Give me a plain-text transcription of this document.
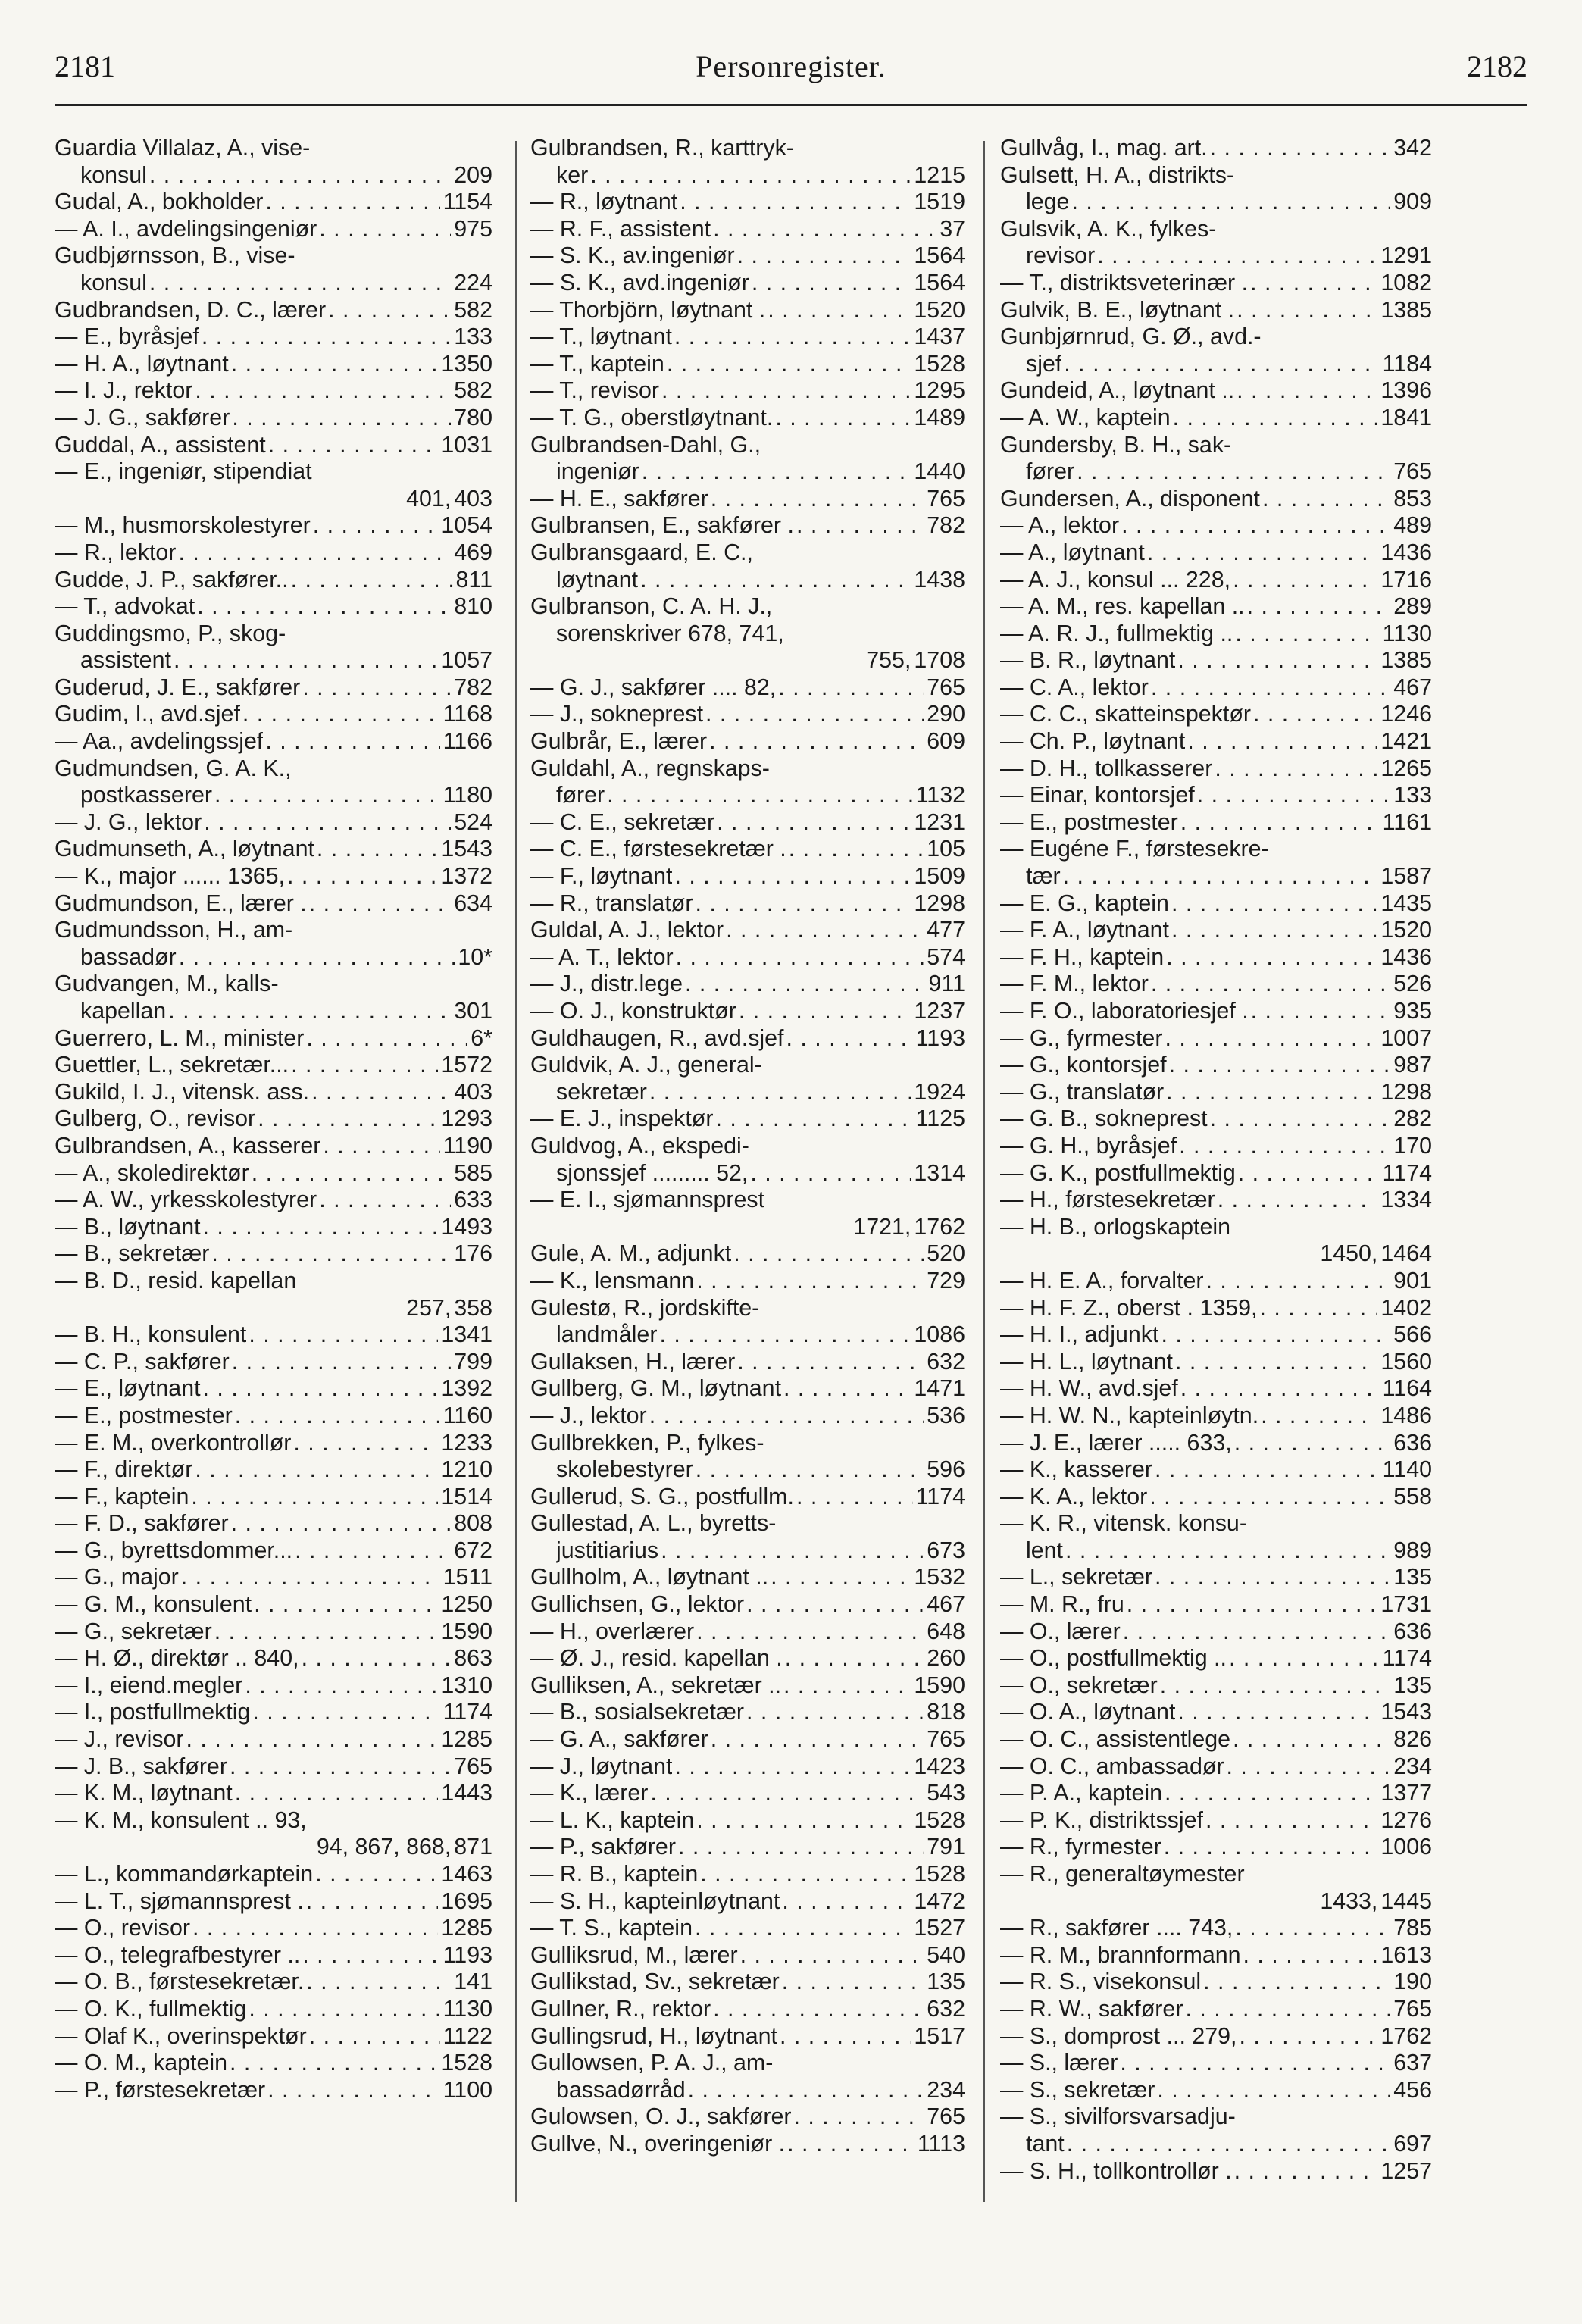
2181	Personregister.	2182
Guardia Villalaz, A., vise-
konsul . . .	209
Gudal, A., bokholder . . .	1154
— A. I., avdelingsingeniør . . .	975
Gudbjørnsson, B., vise-
konsul . . .	224
Gudbrandsen, D. C., lærer . . .	582
— E., byråsjef . . .	133
— H. A., løytnant . . .	1350
— I. J., rektor . . .	582
— J. G., sakfører . . .	780
Guddal, A., assistent . . .	1031
— E., ingeniør, stipendiat
401, 403
— M., husmorskolestyrer . . .	1054
— R., lektor . . .	469
Gudde, J. P., sakfører.. . . .	811
— T., advokat . . .	810
Guddingsmo, P., skog-
assistent . . .	1057
Guderud, J. E., sakfører . . .	782
Gudim, I., avd.sjef . . .	1168
— Aa., avdelingssjef . . .	1166
Gudmundsen, G. A. K.,
postkasserer . . .	1180
— J. G., lektor . . .	524
Gudmunseth, A., løytnant . . .	1543
— K., major ...... 1365, . . .	1372
Gudmundson, E., lærer . . . .	634
Gudmundsson, H., am-
bassadør . . .	10*
Gudvangen, M., kalls-
kapellan . . .	301
Guerrero, L. M., minister . . .	6*
Guettler, L., sekretær... . . .	1572
Gukild, I. J., vitensk. ass. . . .	403
Gulberg, O., revisor . . .	1293
Gulbrandsen, A., kasserer . . .	1190
— A., skoledirektør . . .	585
— A. W., yrkesskolestyrer . . .	633
— B., løytnant . . .	1493
— B., sekretær . . .	176
— B. D., resid. kapellan
257, 358
— B. H., konsulent . . .	1341
— C. P., sakfører . . .	799
— E., løytnant . . .	1392
— E., postmester . . .	1160
— E. M., overkontrollør . . .	1233
— F., direktør . . .	1210
— F., kaptein . . .	1514
— F. D., sakfører . . .	808
— G., byrettsdommer... . . .	672
— G., major . . .	1511
— G. M., konsulent . . .	1250
— G., sekretær . . .	1590
— H. Ø., direktør .. 840, . . .	863
— I., eiend.megler . . .	1310
— I., postfullmektig . . .	1174
— J., revisor . . .	1285
— J. B., sakfører . . .	765
— K. M., løytnant . . .	1443
— K. M., konsulent .. 93,
94, 867, 868, 871
— L., kommandørkaptein . . .	1463
— L. T., sjømannsprest . . . .	1695
— O., revisor . . .	1285
— O., telegrafbestyrer .. . . .	1193
— O. B., førstesekretær. . . .	141
— O. K., fullmektig . . .	1130
— Olaf K., overinspektør . . .	1122
— O. M., kaptein . . .	1528
— P., førstesekretær . . .	1100
Gulbrandsen, R., karttryk-
ker . . .	1215
— R., løytnant . . .	1519
— R. F., assistent . . .	37
— S. K., av.ingeniør . . .	1564
— S. K., avd.ingeniør . . .	1564
— Thorbjörn, løytnant . . . .	1520
— T., løytnant . . .	1437
— T., kaptein . . .	1528
— T., revisor . . .	1295
— T. G., oberstløytnant. . . .	1489
Gulbrandsen-Dahl, G.,
ingeniør . . .	1440
— H. E., sakfører . . .	765
Gulbransen, E., sakfører . . . .	782
Gulbransgaard, E. C.,
løytnant . . .	1438
Gulbranson, C. A. H. J.,
sorenskriver 678, 741,
755, 1708
— G. J., sakfører .... 82, . . .	765
— J., sokneprest . . .	290
Gulbrår, E., lærer . . .	609
Guldahl, A., regnskaps-
fører . . .	1132
— C. E., sekretær . . .	1231
— C. E., førstesekretær . . . .	105
— F., løytnant . . .	1509
— R., translatør . . .	1298
Guldal, A. J., lektor . . .	477
— A. T., lektor . . .	574
— J., distr.lege . . .	911
— O. J., konstruktør . . .	1237
Guldhaugen, R., avd.sjef . . .	1193
Guldvik, A. J., general-
sekretær . . .	1924
— E. J., inspektør . . .	1125
Guldvog, A., ekspedi-
sjonssjef ......... 52, . . .	1314
— E. I., sjømannsprest
1721, 1762
Gule, A. M., adjunkt . . .	520
— K., lensmann . . .	729
Gulestø, R., jordskifte-
landmåler . . .	1086
Gullaksen, H., lærer . . .	632
Gullberg, G. M., løytnant . . .	1471
— J., lektor . . .	536
Gullbrekken, P., fylkes-
skolebestyrer . . .	596
Gullerud, S. G., postfullm. . . .	1174
Gullestad, A. L., byretts-
justitiarius . . .	673
Gullholm, A., løytnant .. . . .	1532
Gullichsen, G., lektor . . .	467
— H., overlærer . . .	648
— Ø. J., resid. kapellan . . . .	260
Gulliksen, A., sekretær .. . . .	1590
— B., sosialsekretær . . .	818
— G. A., sakfører . . .	765
— J., løytnant . . .	1423
— K., lærer . . .	543
— L. K., kaptein . . .	1528
— P., sakfører . . .	791
— R. B., kaptein . . .	1528
— S. H., kapteinløytnant . . .	1472
— T. S., kaptein . . .	1527
Gulliksrud, M., lærer . . .	540
Gullikstad, Sv., sekretær . . .	135
Gullner, R., rektor . . .	632
Gullingsrud, H., løytnant . . .	1517
Gullowsen, P. A. J., am-
bassadørråd . . .	234
Gulowsen, O. J., sakfører . . .	765
Gullve, N., overingeniør . . . .	1113
Gullvåg, I., mag. art. . . .	342
Gulsett, H. A., distrikts-
lege . . .	909
Gulsvik, A. K., fylkes-
revisor . . .	1291
— T., distriktsveterinær . . . .	1082
Gulvik, B. E., løytnant . . . .	1385
Gunbjørnrud, G. Ø., avd.-
sjef . . .	1184
Gundeid, A., løytnant .. . . .	1396
— A. W., kaptein . . .	1841
Gundersby, B. H., sak-
fører . . .	765
Gundersen, A., disponent . . .	853
— A., lektor . . .	489
— A., løytnant . . .	1436
— A. J., konsul ... 228, . . .	1716
— A. M., res. kapellan .. . . .	289
— A. R. J., fullmektig .. . . .	1130
— B. R., løytnant . . .	1385
— C. A., lektor . . .	467
— C. C., skatteinspektør . . .	1246
— Ch. P., løytnant . . .	1421
— D. H., tollkasserer . . .	1265
— Einar, kontorsjef . . .	133
— E., postmester . . .	1161
— Eugéne F., førstesekre-
tær . . .	1587
— E. G., kaptein . . .	1435
— F. A., løytnant . . .	1520
— F. H., kaptein . . .	1436
— F. M., lektor . . .	526
— F. O., laboratoriesjef . . . .	935
— G., fyrmester . . .	1007
— G., kontorsjef . . .	987
— G., translatør . . .	1298
— G. B., sokneprest . . .	282
— G. H., byråsjef . . .	170
— G. K., postfullmektig . . .	1174
— H., førstesekretær . . .	1334
— H. B., orlogskaptein
1450, 1464
— H. E. A., forvalter . . .	901
— H. F. Z., oberst . 1359, . . .	1402
— H. I., adjunkt . . .	566
— H. L., løytnant . . .	1560
— H. W., avd.sjef . . .	1164
— H. W. N., kapteinløytn. . . .	1486
— J. E., lærer ..... 633, . . .	636
— K., kasserer . . .	1140
— K. A., lektor . . .	558
— K. R., vitensk. konsu-
lent . . .	989
— L., sekretær . . .	135
— M. R., fru . . .	1731
— O., lærer . . .	636
— O., postfullmektig .. . . .	1174
— O., sekretær . . .	135
— O. A., løytnant . . .	1543
— O. C., assistentlege . . .	826
— O. C., ambassadør . . .	234
— P. A., kaptein . . .	1377
— P. K., distriktssjef . . .	1276
— R., fyrmester . . .	1006
— R., generaltøymester
1433, 1445
— R., sakfører .... 743, . . .	785
— R. M., brannformann . . .	1613
— R. S., visekonsul . . .	190
— R. W., sakfører . . .	765
— S., domprost ... 279, . . .	1762
— S., lærer . . .	637
— S., sekretær . . .	456
— S., sivilforsvarsadju-
tant . . .	697
— S. H., tollkontrollør . . . .	1257
